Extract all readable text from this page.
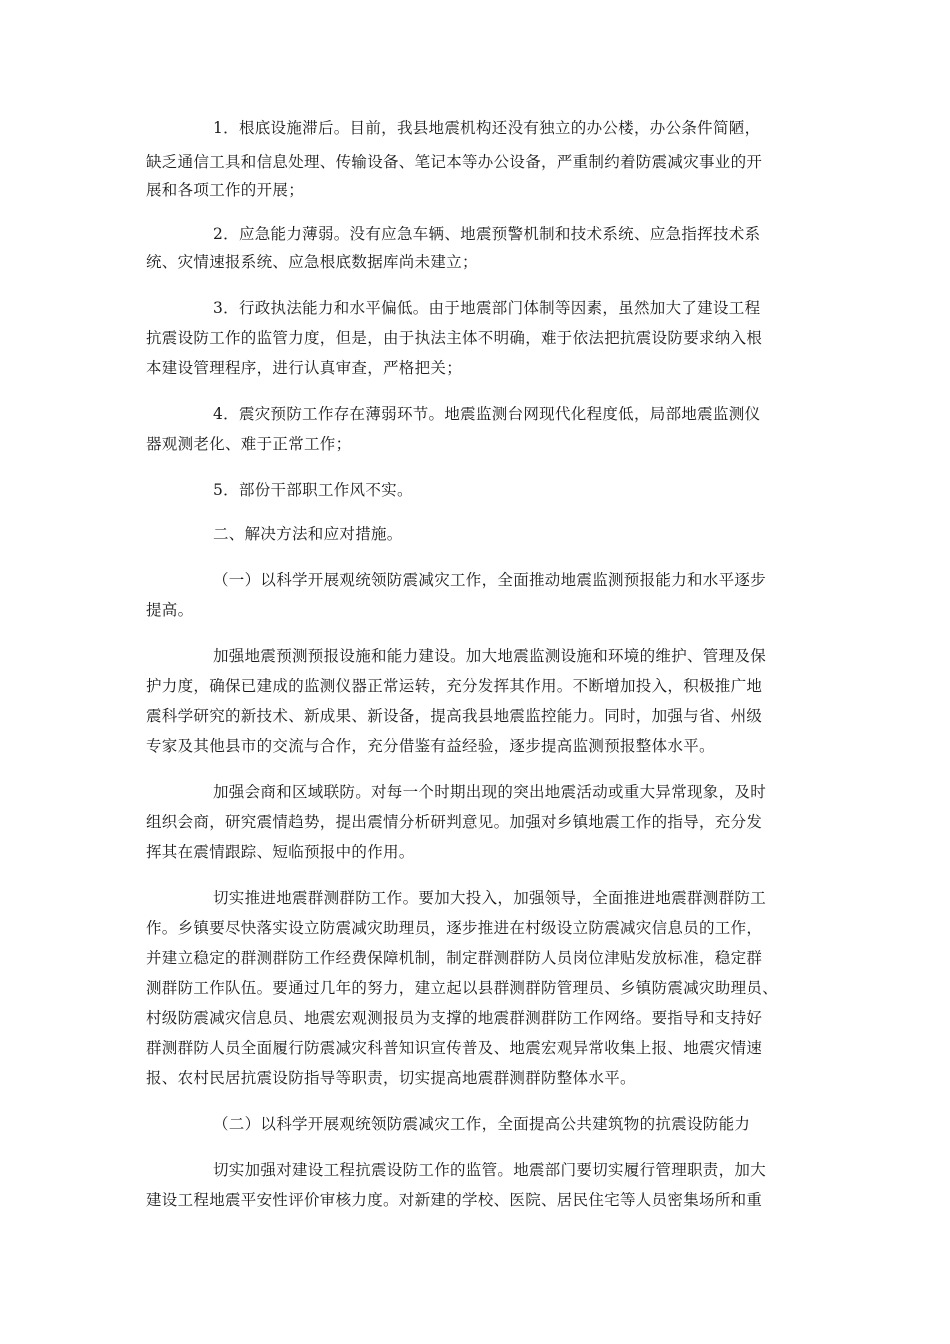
1．根底设施滞后。目前，我县地震机构还没有独立的办公楼，办公条件简陋，
缺乏通信工具和信息处理、传输设备、笔记本等办公设备，严重制约着防震减灾事业的开
展和各项工作的开展；
2．应急能力薄弱。没有应急车辆、地震预警机制和技术系统、应急指挥技术系
统、灾情速报系统、应急根底数据库尚未建立；
3．行政执法能力和水平偏低。由于地震部门体制等因素，虽然加大了建设工程
抗震设防工作的监管力度，但是，由于执法主体不明确，难于依法把抗震设防要求纳入根
本建设管理程序，进行认真审查，严格把关；
4．震灾预防工作存在薄弱环节。地震监测台网现代化程度低，局部地震监测仪
器观测老化、难于正常工作；
5．部份干部职工作风不实。
二、解决方法和应对措施。
（一）以科学开展观统领防震减灾工作，全面推动地震监测预报能力和水平逐步
提高。
加强地震预测预报设施和能力建设。加大地震监测设施和环境的维护、管理及保
护力度，确保已建成的监测仪器正常运转，充分发挥其作用。不断增加投入，积极推广地
震科学研究的新技术、新成果、新设备，提高我县地震监控能力。同时，加强与省、州级
专家及其他县市的交流与合作，充分借鉴有益经验，逐步提高监测预报整体水平。
加强会商和区域联防。对每一个时期出现的突出地震活动或重大异常现象，及时
组织会商，研究震情趋势，提出震情分析研判意见。加强对乡镇地震工作的指导，充分发
挥其在震情跟踪、短临预报中的作用。
切实推进地震群测群防工作。要加大投入，加强领导，全面推进地震群测群防工
作。乡镇要尽快落实设立防震减灾助理员，逐步推进在村级设立防震减灾信息员的工作，
并建立稳定的群测群防工作经费保障机制，制定群测群防人员岗位津贴发放标准，稳定群
测群防工作队伍。要通过几年的努力，建立起以县群测群防管理员、乡镇防震减灾助理员、
村级防震减灾信息员、地震宏观测报员为支撑的地震群测群防工作网络。要指导和支持好
群测群防人员全面履行防震减灾科普知识宣传普及、地震宏观异常收集上报、地震灾情速
报、农村民居抗震设防指导等职责，切实提高地震群测群防整体水平。
（二）以科学开展观统领防震减灾工作，全面提高公共建筑物的抗震设防能力
切实加强对建设工程抗震设防工作的监管。地震部门要切实履行管理职责，加大
建设工程地震平安性评价审核力度。对新建的学校、医院、居民住宅等人员密集场所和重
